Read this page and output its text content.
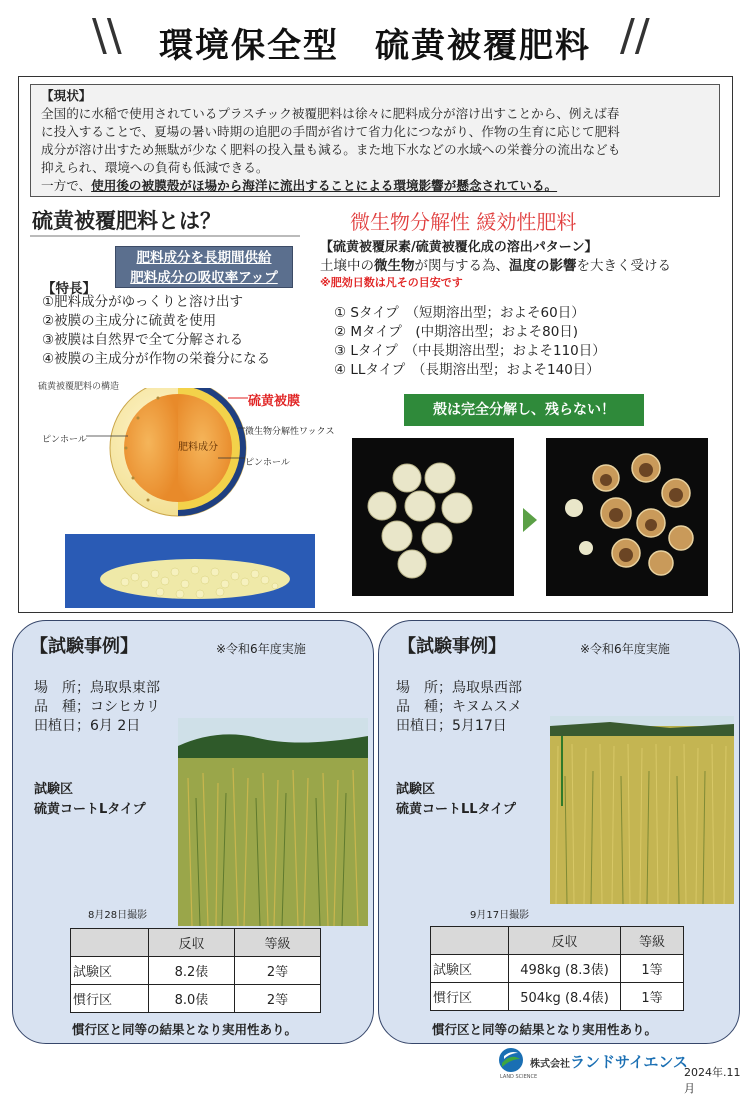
\\	環境保全型　硫黄被覆肥料 //
【現状】
全国的に水稲で使用されているプラスチック被覆肥料は徐々に肥料成分が溶け出すことから、例えば春
に投入することで、夏場の暑い時期の追肥の手間が省けて省力化につながり、作物の生育に応じて肥料
成分が溶け出すため無駄が少なく肥料の投入量も減る。また地下水などの水域への栄養分の流出なども
抑えられ、環境への負荷も低減できる。
一方で、使用後の被膜殻がほ場から海洋に流出することによる環境影響が懸念されている。
硫黄被覆肥料とは？	微生物分解性 緩効性肥料
肥料成分を長期間供給
肥料成分の吸収率アップ
【特長】
①肥料成分がゆっくりと溶け出す
②被膜の主成分に硫黄を使用
③被膜は自然界で全て分解される
④被膜の主成分が作物の栄養分になる
【硫黄被覆尿素/硫黄被覆化成の溶出パターン】
土壌中の微生物が関与する為、温度の影響を大きく受ける
※肥効日数は凡その目安です
① Sタイプ　（短期溶出型；およそ60日）
② Mタイプ　(中期溶出型；およそ80日)
③ Lタイプ　（中長期溶出型；およそ110日）
④ LLタイプ　（長期溶出型；およそ140日）
硫黄被覆肥料の構造
肥料成分
硫黄被膜
微生物分解性ワックス
ピンホール
ピンホール
殻は完全分解し、残らない！
【試験事例】	※令和6年度実施
場　所；鳥取県東部
品　種；コシヒカリ
田植日；6月 2日
試験区
硫黄コートLタイプ
8月28日撮影
	反収	等級
試験区	8.2俵	2等
慣行区	8.0俵	2等
慣行区と同等の結果となり実用性あり。
【試験事例】	※令和6年度実施
場　所；鳥取県西部
品　種；キヌムスメ
田植日；5月17日
試験区
硫黄コートLLタイプ
9月17日撮影
	反収	等級
試験区	498kg (8.3俵)	1等
慣行区	504kg (8.4俵)	1等
慣行区と同等の結果となり実用性あり。
株式会社ランドサイエンス
LAND SCIENCE	2024年.11月
